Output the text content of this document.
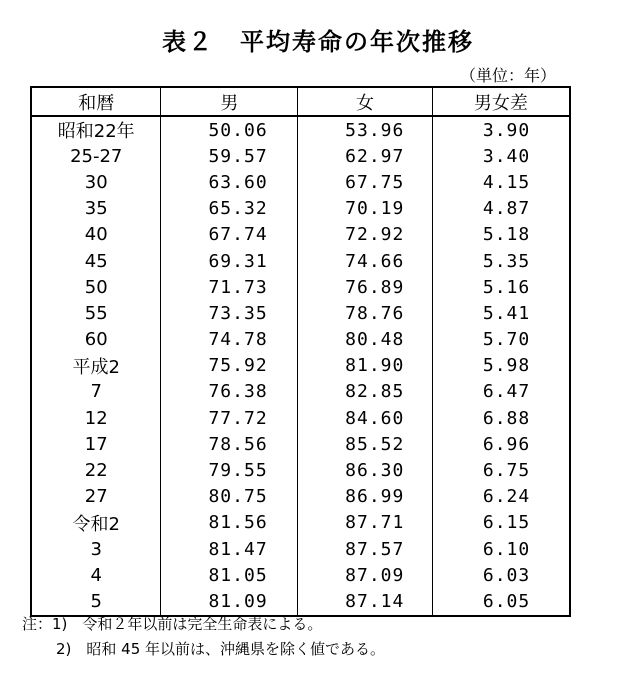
表２　平均寿命の年次推移
（単位：年）
和暦	男	女	男女差
昭和22年	50.06	53.96	3.90
25-27	59.57	62.97	3.40
30	63.60	67.75	4.15
35	65.32	70.19	4.87
40	67.74	72.92	5.18
45	69.31	74.66	5.35
50	71.73	76.89	5.16
55	73.35	78.76	5.41
60	74.78	80.48	5.70
平成2	75.92	81.90	5.98
7	76.38	82.85	6.47
12	77.72	84.60	6.88
17	78.56	85.52	6.96
22	79.55	86.30	6.75
27	80.75	86.99	6.24
令和2	81.56	87.71	6.15
3	81.47	87.57	6.10
4	81.05	87.09	6.03
5	81.09	87.14	6.05
注：1)　令和２年以前は完全生命表による。
2)　昭和 45 年以前は、沖縄県を除く値である。
